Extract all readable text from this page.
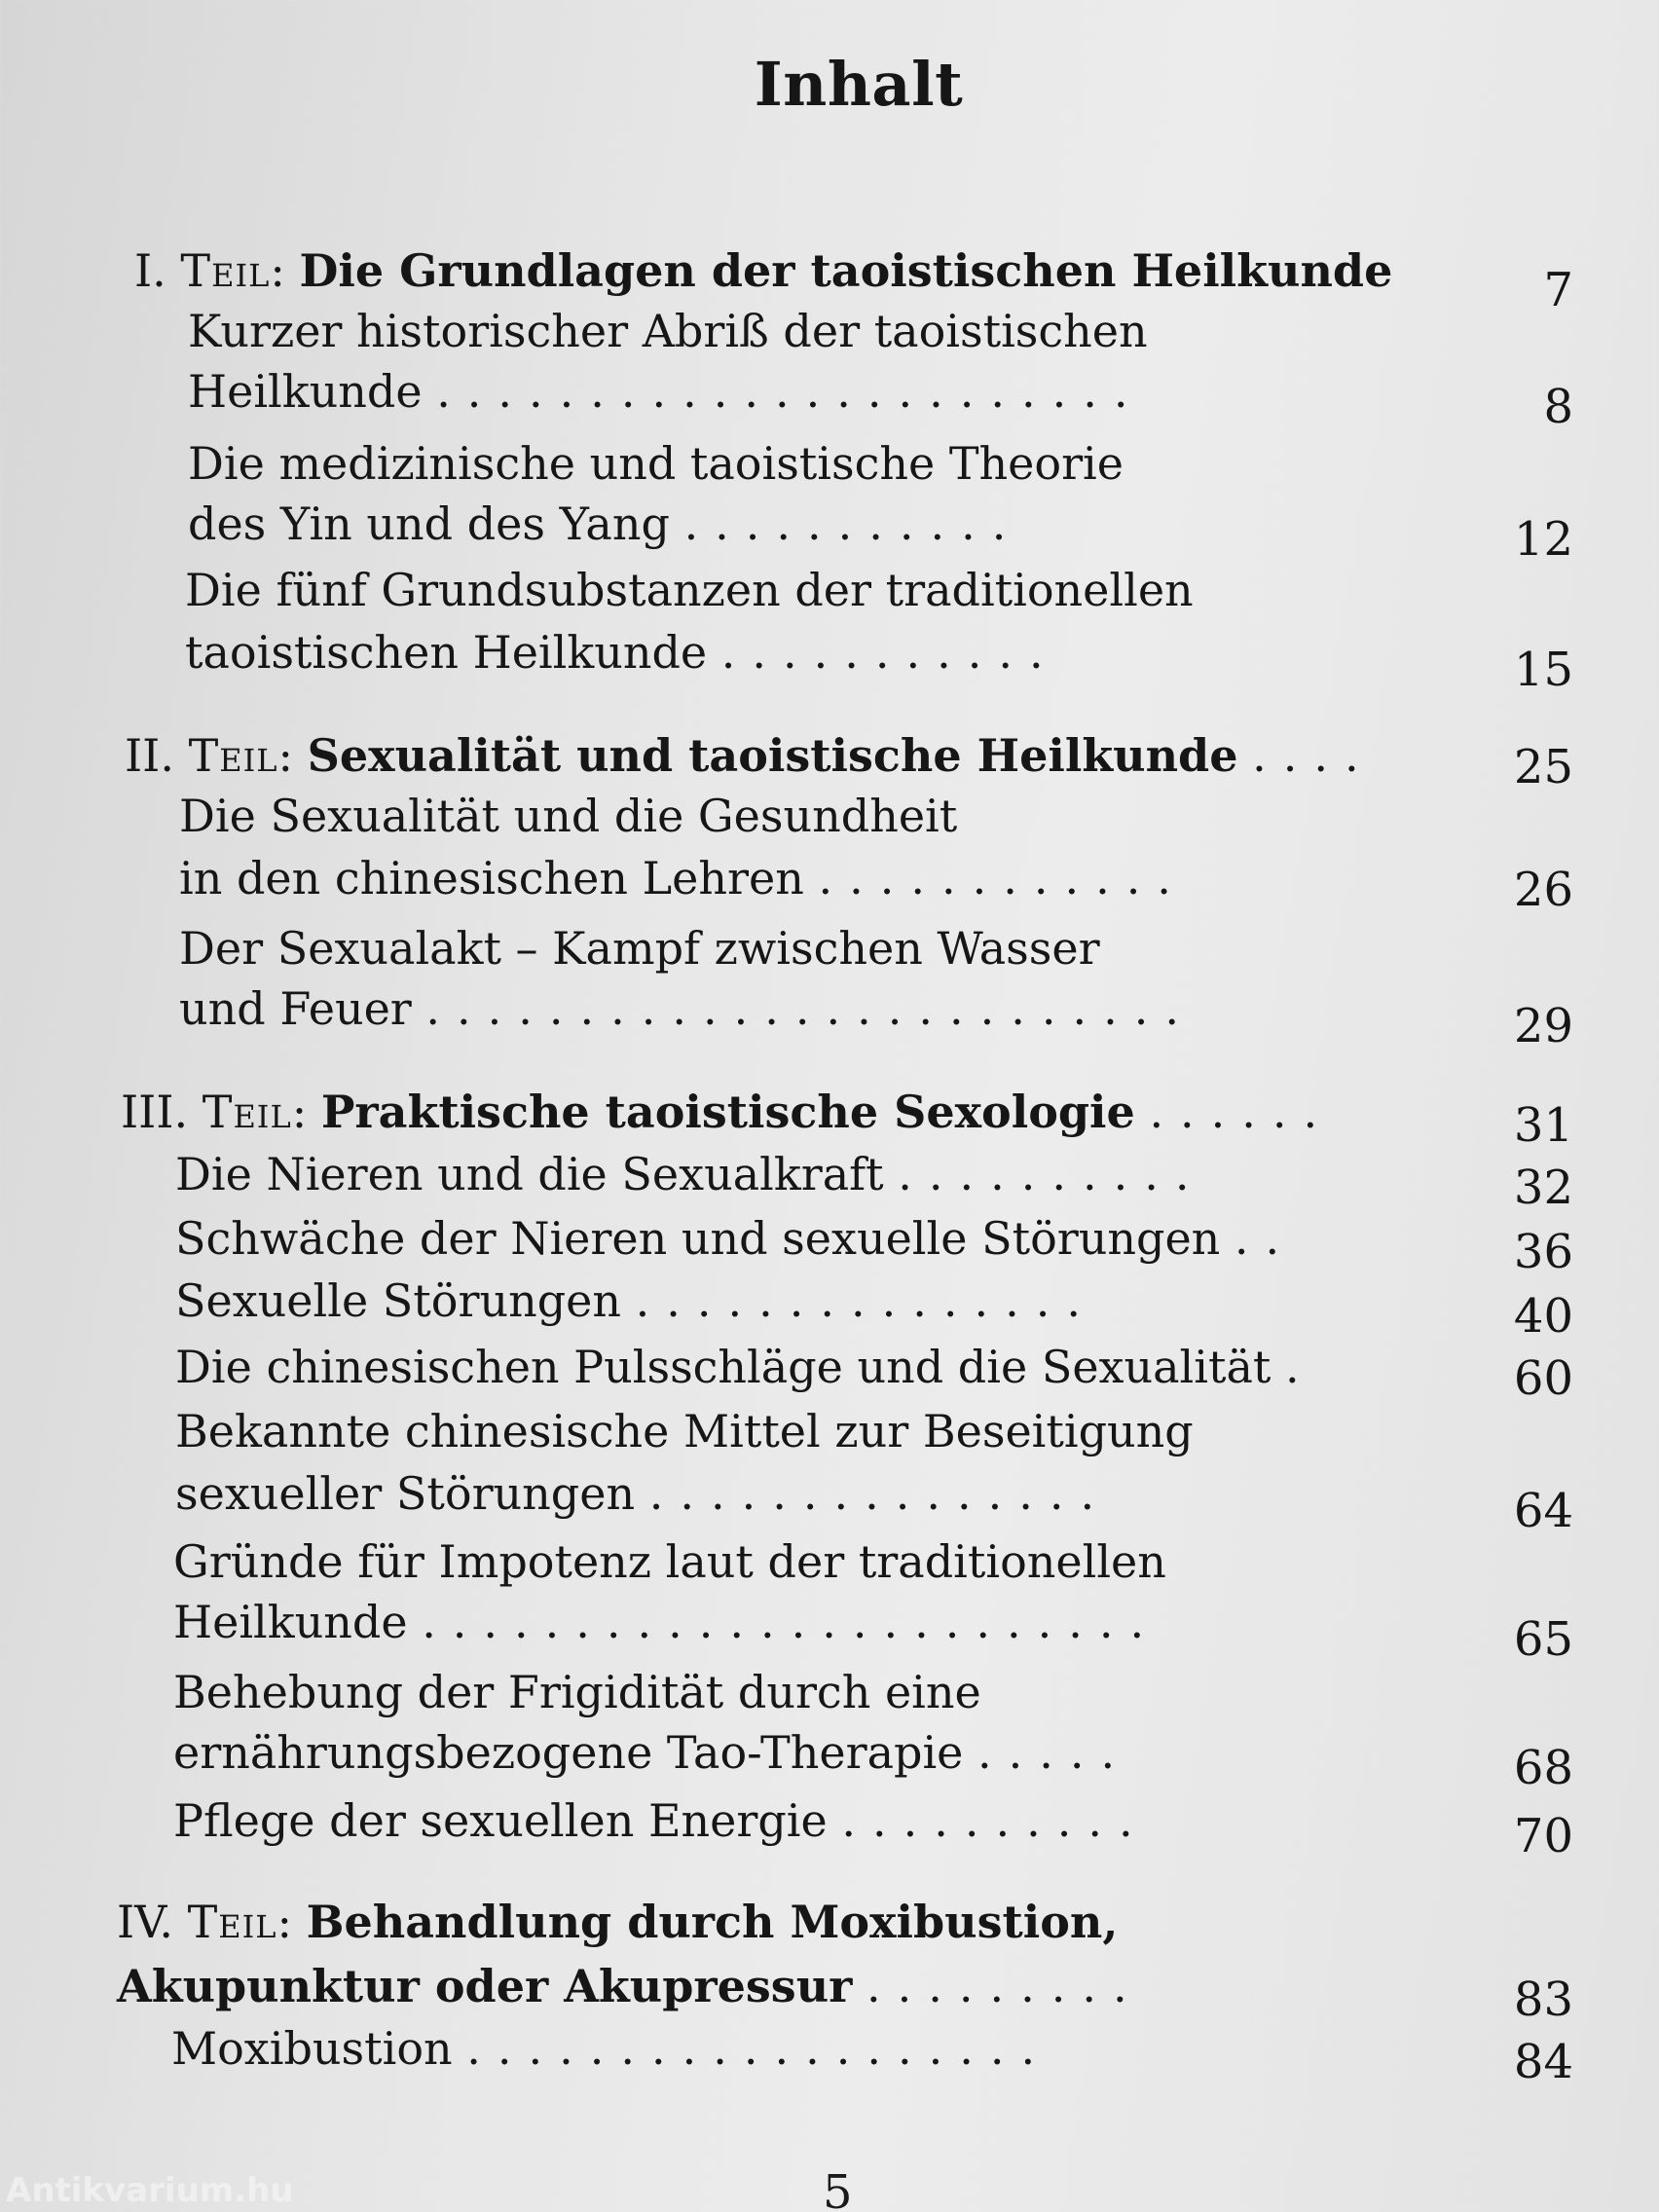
Inhalt
I. Teil: Die Grundlagen der taoistischen Heilkunde	7
Kurzer historischer Abriß der taoistischen
Heilkunde .......................	8
Die medizinische und taoistische Theorie
des Yin und des Yang ...........	12
Die fünf Grundsubstanzen der traditionellen
taoistischen Heilkunde ...........	15
II. Teil: Sexualität und taoistische Heilkunde ....	25
Die Sexualität und die Gesundheit
in den chinesischen Lehren ............	26
Der Sexualakt – Kampf zwischen Wasser
und Feuer .........................	29
III. Teil: Praktische taoistische Sexologie ......	31
Die Nieren und die Sexualkraft ..........	32
Schwäche der Nieren und sexuelle Störungen ..	36
Sexuelle Störungen ...............	40
Die chinesischen Pulsschläge und die Sexualität .	60
Bekannte chinesische Mittel zur Beseitigung
sexueller Störungen ...............	64
Gründe für Impotenz laut der traditionellen
Heilkunde ........................	65
Behebung der Frigidität durch eine
ernährungsbezogene Tao-Therapie .....	68
Pflege der sexuellen Energie ..........	70
IV. Teil: Behandlung durch Moxibustion,
Akupunktur oder Akupressur .........	83
Moxibustion ...................	84
5
Antikvarium.hu
